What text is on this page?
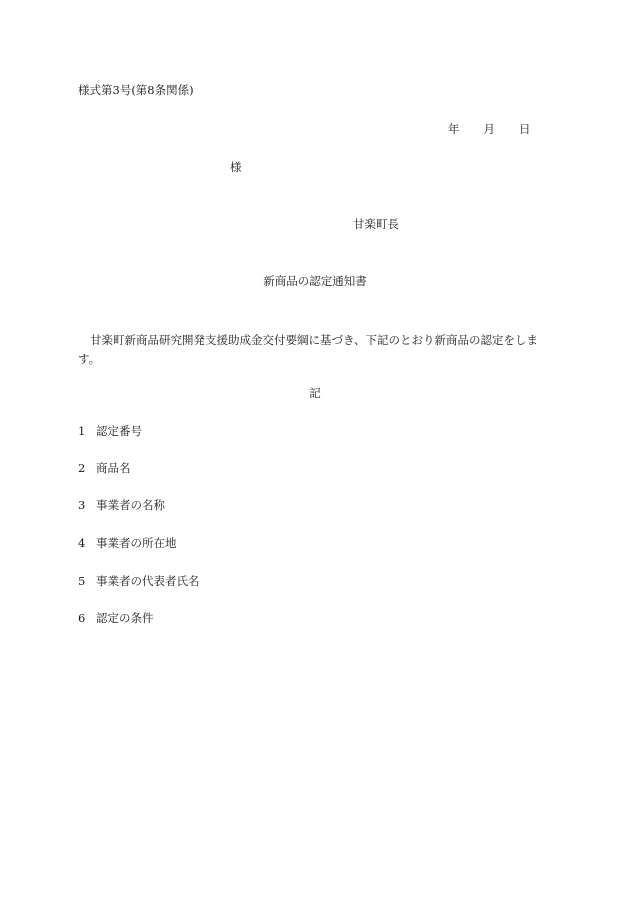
様式第3号(第8条関係)
年 月 日
様
甘楽町長
新商品の認定通知書
甘楽町新商品研究開発支援助成金交付要綱に基づき、下記のとおり新商品の認定をします。
記
1 認定番号
2 商品名
3 事業者の名称
4 事業者の所在地
5 事業者の代表者氏名
6 認定の条件
